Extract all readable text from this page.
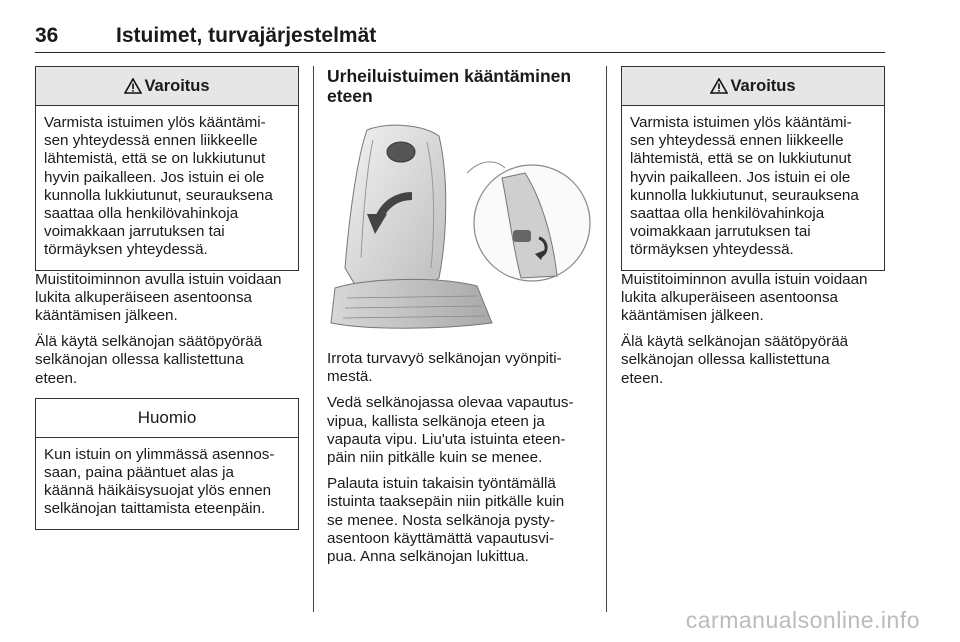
36	Istuimet, turvajärjestelmät
Varoitus
Varmista istuimen ylös kääntämi-
sen yhteydessä ennen liikkeelle
lähtemistä, että se on lukkiutunut
hyvin paikalleen. Jos istuin ei ole
kunnolla lukkiutunut, seurauksena
saattaa olla henkilövahinkoja
voimakkaan jarrutuksen tai
törmäyksen yhteydessä.

Muistitoiminnon avulla istuin voidaan
lukita alkuperäiseen asentoonsa
kääntämisen jälkeen.

Älä käytä selkänojan säätöpyörää
selkänojan ollessa kallistettuna
eteen.

Huomio
Kun istuin on ylimmässä asennos-
saan, paina pääntuet alas ja
käännä häikäisysuojat ylös ennen
selkänojan taittamista eteenpäin.
Urheiluistuimen kääntäminen
eteen

Irrota turvavyö selkänojan vyönpiti-
mestä.

Vedä selkänojassa olevaa vapautus-
vipua, kallista selkänoja eteen ja
vapauta vipu. Liu'uta istuinta eteen-
päin niin pitkälle kuin se menee.

Palauta istuin takaisin työntämällä
istuinta taaksepäin niin pitkälle kuin
se menee. Nosta selkänoja pysty-
asentoon käyttämättä vapautusvi-
pua. Anna selkänojan lukittua.

Varoitus
Varmista istuimen ylös kääntämi-
sen yhteydessä ennen liikkeelle
lähtemistä, että se on lukkiutunut
hyvin paikalleen. Jos istuin ei ole
kunnolla lukkiutunut, seurauksena
saattaa olla henkilövahinkoja
voimakkaan jarrutuksen tai
törmäyksen yhteydessä.

Muistitoiminnon avulla istuin voidaan
lukita alkuperäiseen asentoonsa
kääntämisen jälkeen.

Älä käytä selkänojan säätöpyörää
selkänojan ollessa kallistettuna
eteen.

carmanualsonline.info
